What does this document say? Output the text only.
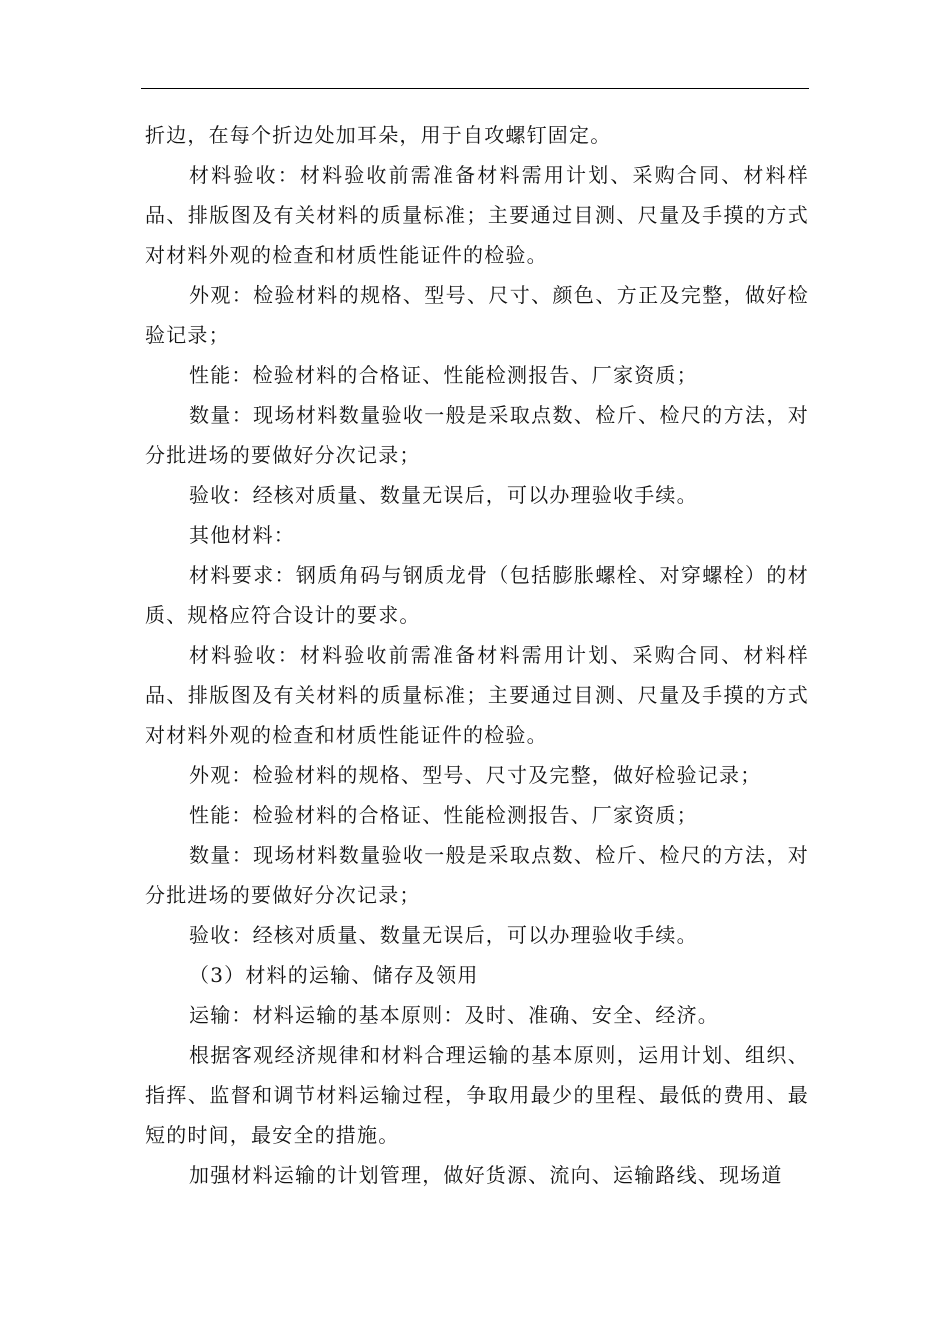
折边，在每个折边处加耳朵，用于自攻螺钉固定。

材料验收：材料验收前需准备材料需用计划、采购合同、材料样品、排版图及有关材料的质量标准；主要通过目测、尺量及手摸的方式对材料外观的检查和材质性能证件的检验。

外观：检验材料的规格、型号、尺寸、颜色、方正及完整，做好检验记录；

性能：检验材料的合格证、性能检测报告、厂家资质；

数量：现场材料数量验收一般是采取点数、检斤、检尺的方法，对分批进场的要做好分次记录；

验收：经核对质量、数量无误后，可以办理验收手续。

其他材料：

材料要求：钢质角码与钢质龙骨（包括膨胀螺栓、对穿螺栓）的材质、规格应符合设计的要求。

材料验收：材料验收前需准备材料需用计划、采购合同、材料样品、排版图及有关材料的质量标准；主要通过目测、尺量及手摸的方式对材料外观的检查和材质性能证件的检验。

外观：检验材料的规格、型号、尺寸及完整，做好检验记录；

性能：检验材料的合格证、性能检测报告、厂家资质；

数量：现场材料数量验收一般是采取点数、检斤、检尺的方法，对分批进场的要做好分次记录；

验收：经核对质量、数量无误后，可以办理验收手续。

（3）材料的运输、储存及领用

运输：材料运输的基本原则：及时、准确、安全、经济。

根据客观经济规律和材料合理运输的基本原则，运用计划、组织、指挥、监督和调节材料运输过程，争取用最少的里程、最低的费用、最短的时间，最安全的措施。

加强材料运输的计划管理，做好货源、流向、运输路线、现场道
